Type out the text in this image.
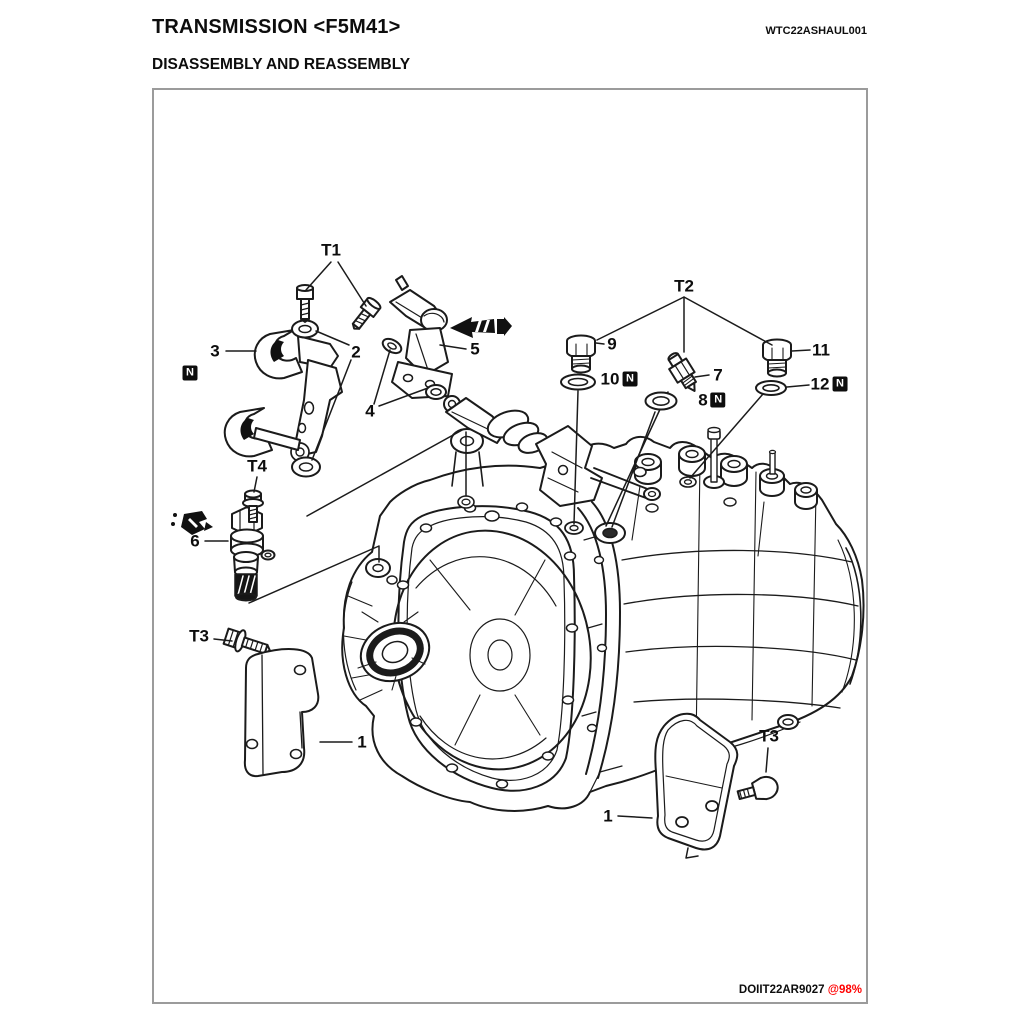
TRANSMISSION <F5M41>	WTC22ASHAUL001
DISASSEMBLY AND REASSEMBLY
T1
T2
3
N
2	5
4
T4
6
T3
1
9
10 N	7
8 N
11
12 N
1
T3
DOIIT22AR9027 @98%
